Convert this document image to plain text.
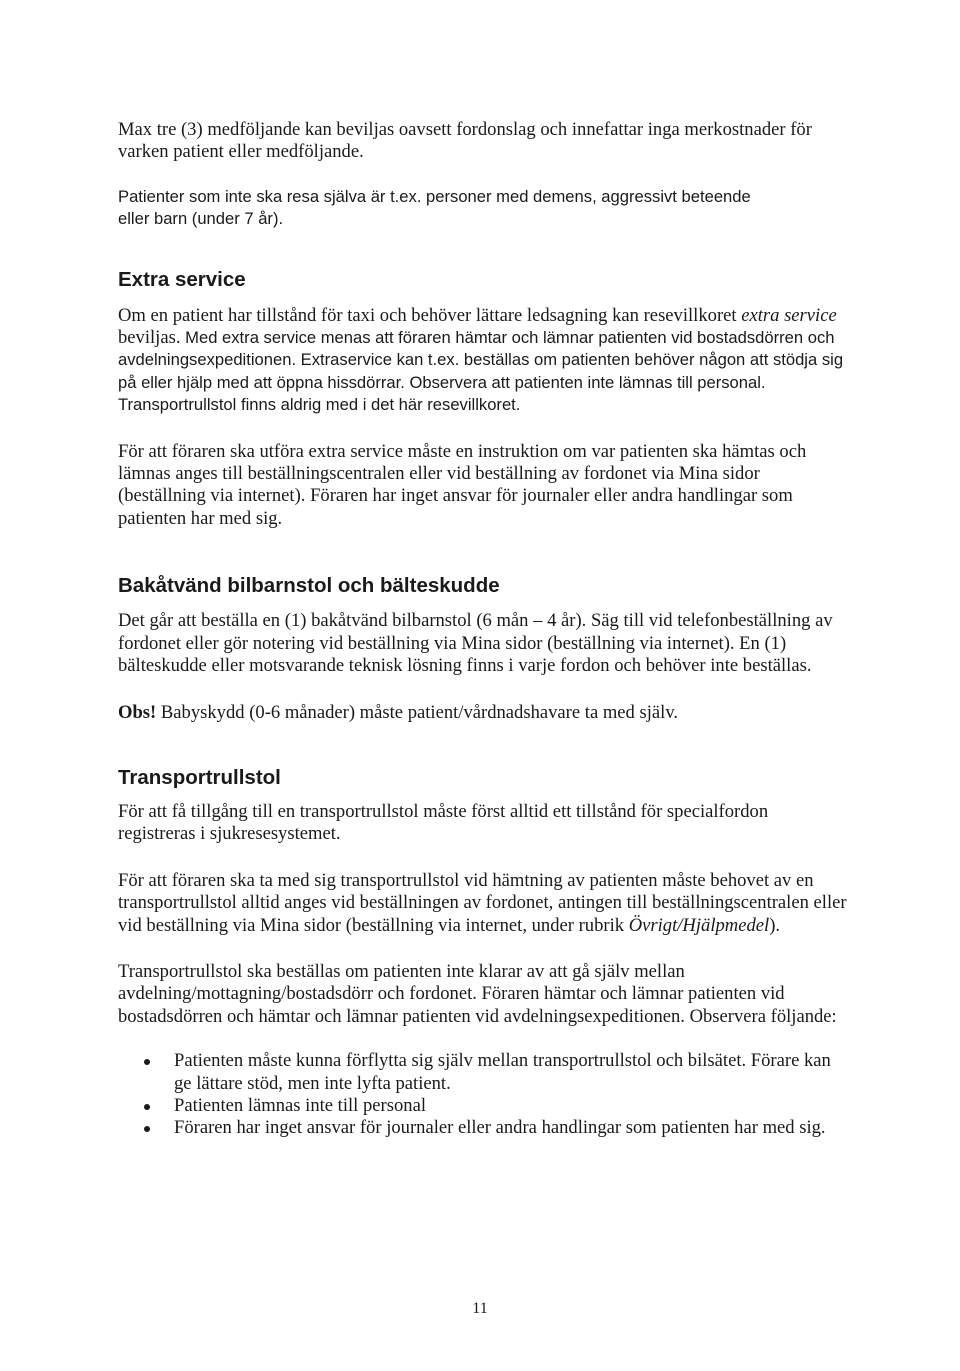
Max tre (3) medföljande kan beviljas oavsett fordonslag och innefattar inga merkostnader för varken patient eller medföljande.

Patienter som inte ska resa själva är t.ex. personer med demens, aggressivt beteende
eller barn (under 7 år).

Extra service

Om en patient har tillstånd för taxi och behöver lättare ledsagning kan resevillkoret extra service beviljas. Med extra service menas att föraren hämtar och lämnar patienten vid bostadsdörren och avdelningsexpeditionen. Extraservice kan t.ex. beställas om patienten behöver någon att stödja sig på eller hjälp med att öppna hissdörrar. Observera att patienten inte lämnas till personal. Transportrullstol finns aldrig med i det här resevillkoret.

För att föraren ska utföra extra service måste en instruktion om var patienten ska hämtas och lämnas anges till beställningscentralen eller vid beställning av fordonet via Mina sidor (beställning via internet). Föraren har inget ansvar för journaler eller andra handlingar som patienten har med sig.

Bakåtvänd bilbarnstol och bälteskudde

Det går att beställa en (1) bakåtvänd bilbarnstol (6 mån – 4 år). Säg till vid telefonbeställning av fordonet eller gör notering vid beställning via Mina sidor (beställning via internet). En (1) bälteskudde eller motsvarande teknisk lösning finns i varje fordon och behöver inte beställas.

Obs! Babyskydd (0-6 månader) måste patient/vårdnadshavare ta med själv.

Transportrullstol

För att få tillgång till en transportrullstol måste först alltid ett tillstånd för specialfordon registreras i sjukresesystemet.

För att föraren ska ta med sig transportrullstol vid hämtning av patienten måste behovet av en transportrullstol alltid anges vid beställningen av fordonet, antingen till beställningscentralen eller vid beställning via Mina sidor (beställning via internet, under rubrik Övrigt/Hjälpmedel).

Transportrullstol ska beställas om patienten inte klarar av att gå själv mellan avdelning/mottagning/bostadsdörr och fordonet. Föraren hämtar och lämnar patienten vid bostadsdörren och hämtar och lämnar patienten vid avdelningsexpeditionen. Observera följande:

Patienten måste kunna förflytta sig själv mellan transportrullstol och bilsätet. Förare kan ge lättare stöd, men inte lyfta patient.
Patienten lämnas inte till personal
Föraren har inget ansvar för journaler eller andra handlingar som patienten har med sig.
11
